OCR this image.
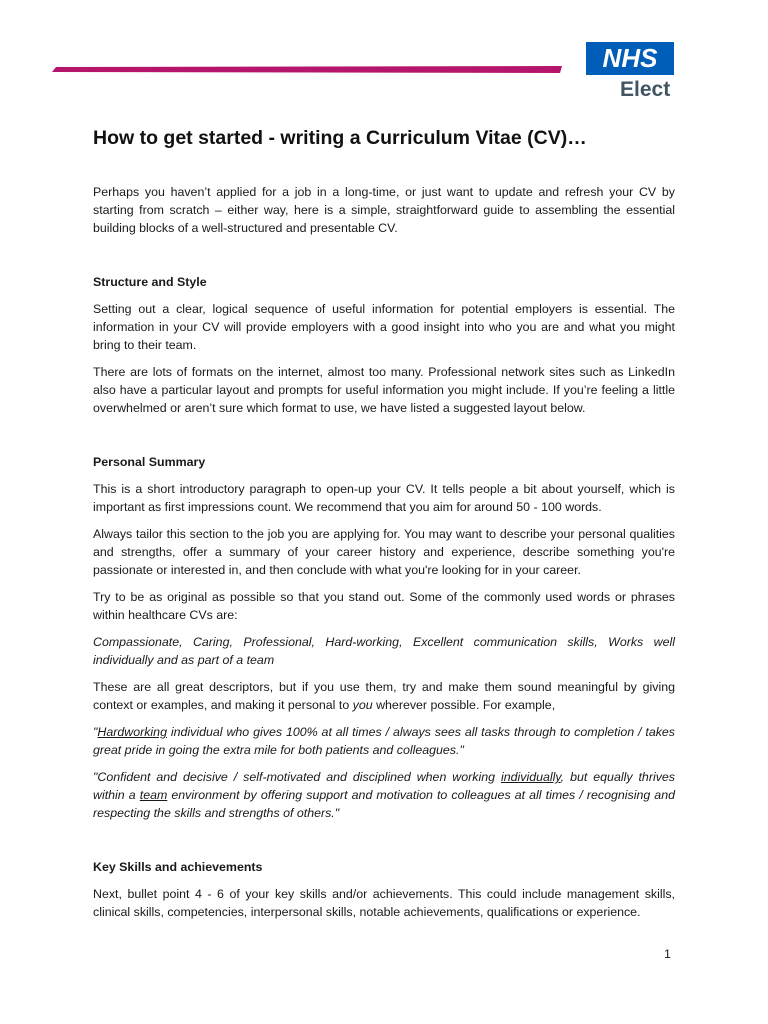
NHS
Elect
How to get started - writing a Curriculum Vitae (CV)…

Perhaps you haven’t applied for a job in a long-time, or just want to update and refresh your CV by starting from scratch – either way, here is a simple, straightforward guide to assembling the essential building blocks of a well-structured and presentable CV.

Structure and Style

Setting out a clear, logical sequence of useful information for potential employers is essential. The information in your CV will provide employers with a good insight into who you are and what you might bring to their team.

There are lots of formats on the internet, almost too many. Professional network sites such as LinkedIn also have a particular layout and prompts for useful information you might include. If you’re feeling a little overwhelmed or aren’t sure which format to use, we have listed a suggested layout below.

Personal Summary

This is a short introductory paragraph to open-up your CV. It tells people a bit about yourself, which is important as first impressions count. We recommend that you aim for around 50 - 100 words.

Always tailor this section to the job you are applying for. You may want to describe your personal qualities and strengths, offer a summary of your career history and experience, describe something you're passionate or interested in, and then conclude with what you're looking for in your career.

Try to be as original as possible so that you stand out. Some of the commonly used words or phrases within healthcare CVs are:

Compassionate, Caring, Professional, Hard-working, Excellent communication skills, Works well individually and as part of a team

These are all great descriptors, but if you use them, try and make them sound meaningful by giving context or examples, and making it personal to you wherever possible. For example,

"Hardworking individual who gives 100% at all times / always sees all tasks through to completion / takes great pride in going the extra mile for both patients and colleagues."

"Confident and decisive / self-motivated and disciplined when working individually, but equally thrives within a team environment by offering support and motivation to colleagues at all times / recognising and respecting the skills and strengths of others."

Key Skills and achievements

Next, bullet point 4 - 6 of your key skills and/or achievements. This could include management skills, clinical skills, competencies, interpersonal skills, notable achievements, qualifications or experience.

1
